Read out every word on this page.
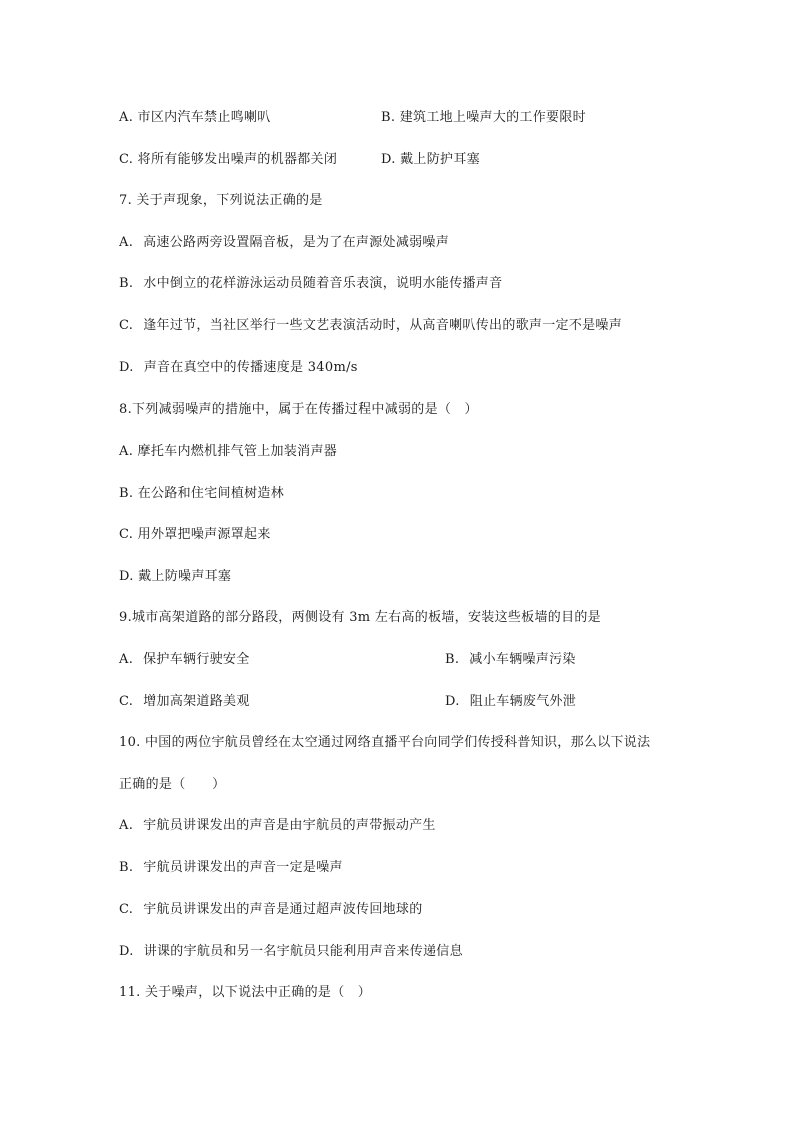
A. 市区内汽车禁止鸣喇叭	B. 建筑工地上噪声大的工作要限时
C. 将所有能够发出噪声的机器都关闭	D. 戴上防护耳塞
7. 关于声现象，下列说法正确的是
A. 高速公路两旁设置隔音板，是为了在声源处减弱噪声
B. 水中倒立的花样游泳运动员随着音乐表演，说明水能传播声音
C. 逢年过节，当社区举行一些文艺表演活动时，从高音喇叭传出的歌声一定不是噪声
D. 声音在真空中的传播速度是 340m/s
8.下列减弱噪声的措施中，属于在传播过程中减弱的是（　）
A. 摩托车内燃机排气管上加装消声器
B. 在公路和住宅间植树造林
C. 用外罩把噪声源罩起来
D. 戴上防噪声耳塞
9.城市高架道路的部分路段，两侧设有 3m 左右高的板墙，安装这些板墙的目的是
A. 保护车辆行驶安全	B. 减小车辆噪声污染
C. 增加高架道路美观	D. 阻止车辆废气外泄
10. 中国的两位宇航员曾经在太空通过网络直播平台向同学们传授科普知识，那么以下说法
正确的是（　　）
A. 宇航员讲课发出的声音是由宇航员的声带振动产生
B. 宇航员讲课发出的声音一定是噪声
C. 宇航员讲课发出的声音是通过超声波传回地球的
D. 讲课的宇航员和另一名宇航员只能利用声音来传递信息
11. 关于噪声，以下说法中正确的是（　）
